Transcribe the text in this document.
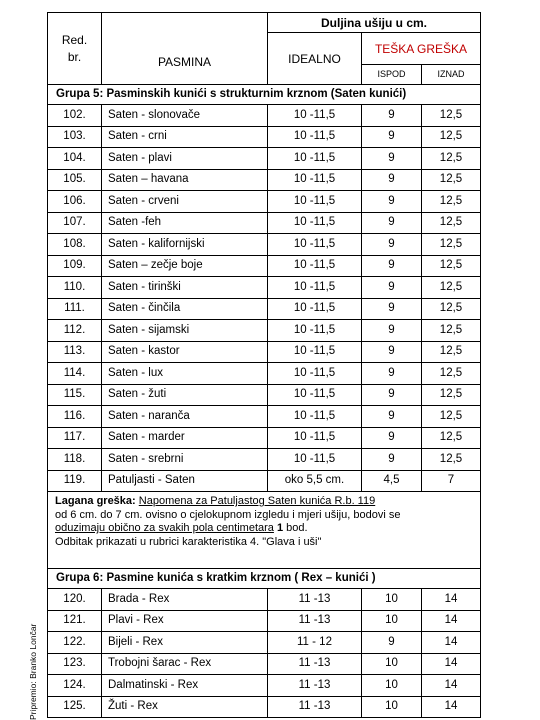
Red. br.	PASMINA	Duljina ušiju u cm.		
		IDEALNO	TEŠKA GREŠKA	
			ISPOD	IZNAD
Grupa 5: Pasminskih kunići s strukturnim krznom (Saten kunići)				
102.	Saten - slonovače	10 -11,5	9	12,5
103.	Saten - crni	10 -11,5	9	12,5
104.	Saten - plavi	10 -11,5	9	12,5
105.	Saten – havana	10 -11,5	9	12,5
106.	Saten - crveni	10 -11,5	9	12,5
107.	Saten -feh	10 -11,5	9	12,5
108.	Saten - kalifornijski	10 -11,5	9	12,5
109.	Saten – zečje boje	10 -11,5	9	12,5
110.	Saten - tirinški	10 -11,5	9	12,5
111.	Saten - činčila	10 -11,5	9	12,5
112.	Saten - sijamski	10 -11,5	9	12,5
113.	Saten - kastor	10 -11,5	9	12,5
114.	Saten - lux	10 -11,5	9	12,5
115.	Saten - žuti	10 -11,5	9	12,5
116.	Saten - naranča	10 -11,5	9	12,5
117.	Saten - marder	10 -11,5	9	12,5
118.	Saten - srebrni	10 -11,5	9	12,5
119.	Patuljasti - Saten	oko 5,5 cm.	4,5	7

Lagana greška: Napomena za Patuljastog Saten kunića R.b. 119
od 6 cm. do 7 cm. ovisno o cjelokupnom izgledu i mjeri ušiju, bodovi se
oduzimaju obično za svakih pola centimetara 1 bod.
Odbitak prikazati u rubrici karakteristika 4. "Glava i uši"				

Grupa 6: Pasmine kunića s kratkim krznom ( Rex – kunići )				
120.	Brada - Rex	11 -13	10	14
121.	Plavi - Rex	11 -13	10	14
122.	Bijeli - Rex	11 - 12	9	14
123.	Trobojni šarac - Rex	11 -13	10	14
124.	Dalmatinski - Rex	11 -13	10	14
125.	Žuti - Rex	11 -13	10	14
Pripremio: Branko Lončar
